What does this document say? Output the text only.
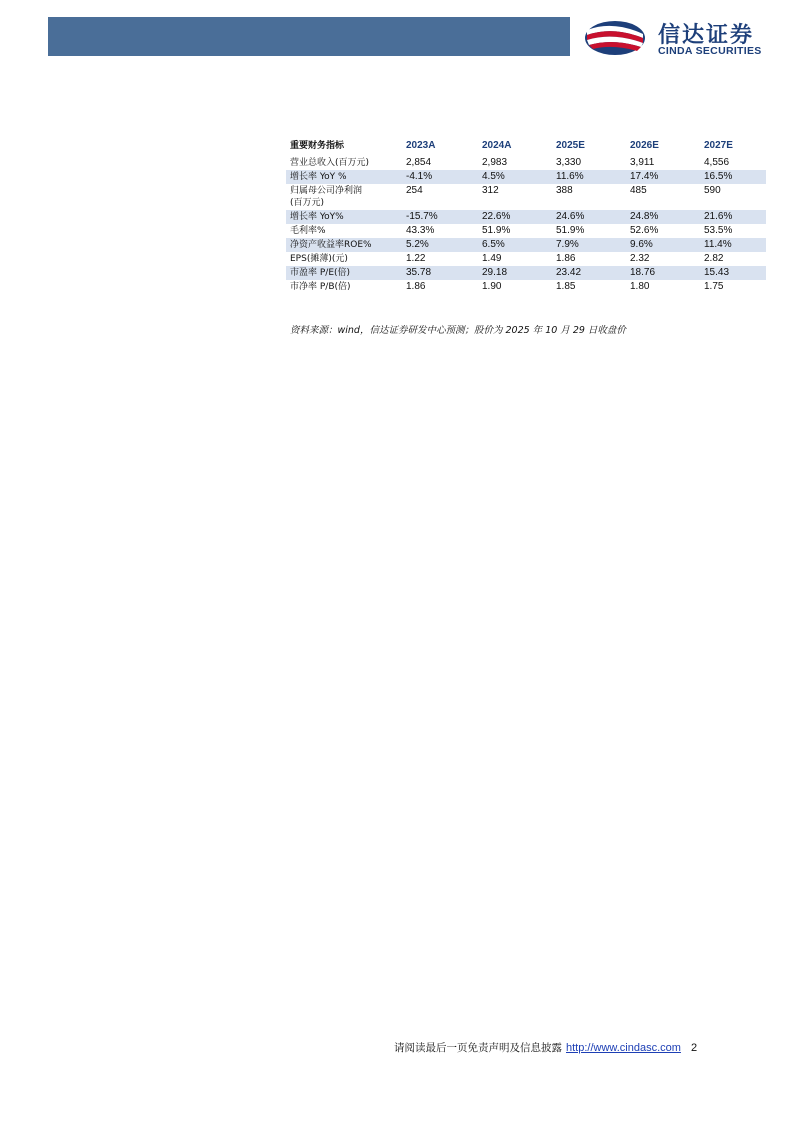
信达证券
CINDA SECURITIES
重要财务指标	2023A	2024A	2025E	2026E	2027E
营业总收入(百万元)	2,854	2,983	3,330	3,911	4,556
增长率 YoY %	-4.1%	4.5%	11.6%	17.4%	16.5%

归属母公司净利润
(百万元)	254	312	388	485	590
增长率 YoY%	-15.7%	22.6%	24.6%	24.8%	21.6%
毛利率%	43.3%	51.9%	51.9%	52.6%	53.5%
净资产收益率ROE%	5.2%	6.5%	7.9%	9.6%	11.4%
EPS(摊薄)(元)	1.22	1.49	1.86	2.32	2.82
市盈率 P/E(倍)	35.78	29.18	23.42	18.76	15.43
市净率 P/B(倍)	1.86	1.90	1.85	1.80	1.75
资料来源：wind，信达证券研发中心预测；股价为 2025 年 10 月 29 日收盘价
请阅读最后一页免责声明及信息披露 http://www.cindasc.com 2
